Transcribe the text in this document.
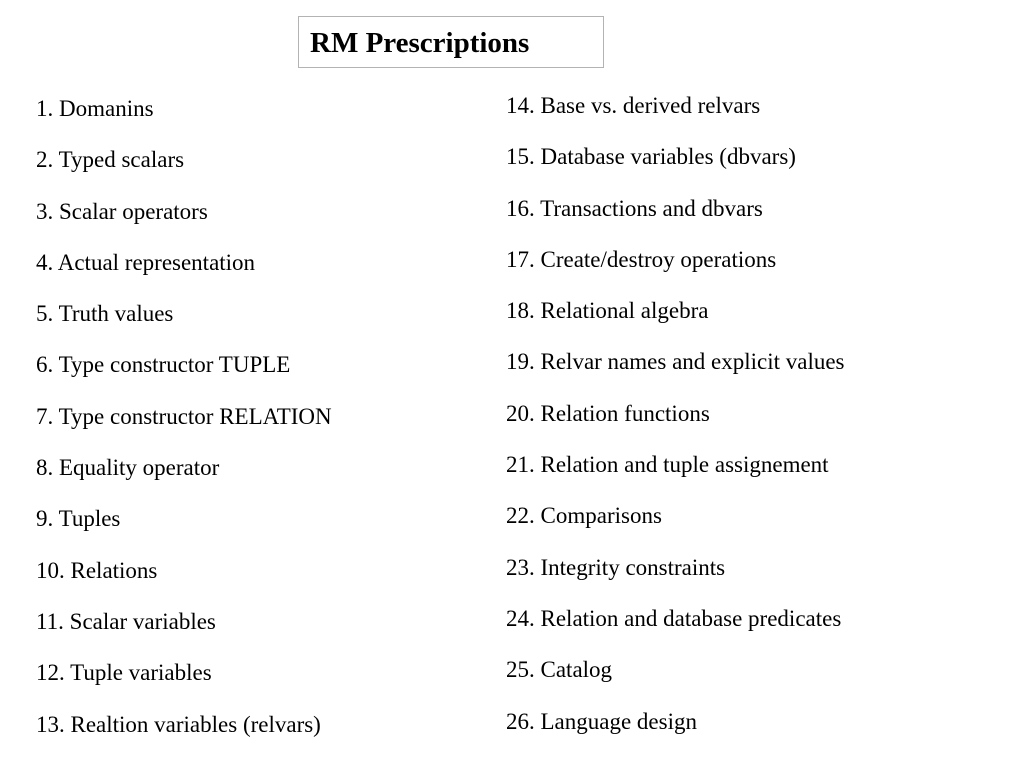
RM Prescriptions
1. Domanins
2. Typed scalars
3. Scalar operators
4. Actual representation
5. Truth values
6. Type constructor TUPLE
7. Type constructor RELATION
8. Equality operator
9. Tuples
10. Relations
11. Scalar variables
12. Tuple variables
13. Realtion variables (relvars)
14. Base vs. derived relvars
15. Database variables (dbvars)
16. Transactions and dbvars
17. Create/destroy operations
18. Relational algebra
19. Relvar names and explicit values
20. Relation functions
21. Relation and tuple assignement
22. Comparisons
23. Integrity constraints
24. Relation and database predicates
25. Catalog
26. Language design
